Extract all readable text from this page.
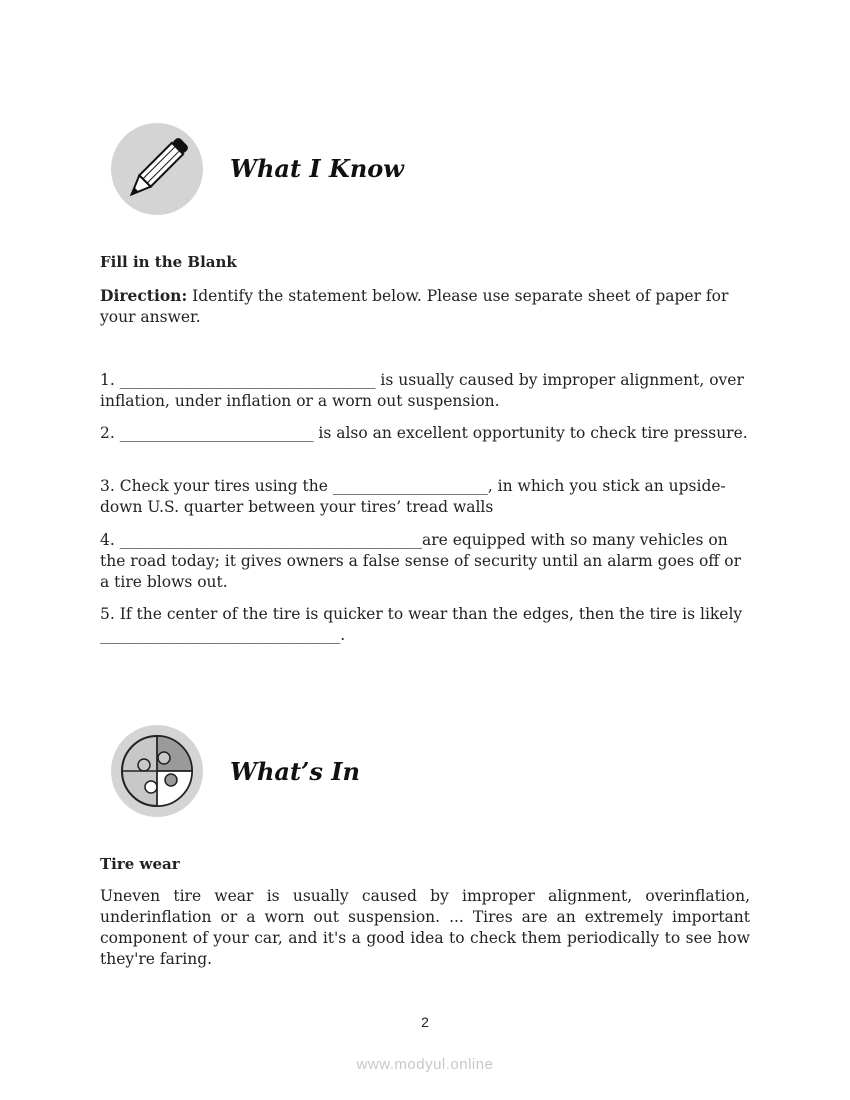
What I Know
Fill in the Blank
Direction: Identify the statement below. Please use separate sheet of paper for your answer.
1. _________________________________ is usually caused by improper alignment, over inflation, under inflation or a worn out suspension.
2. _________________________ is also an excellent opportunity to check tire pressure.
3. Check your tires using the ____________________, in which you stick an upside-down U.S. quarter between your tires’ tread walls
4. _______________________________________are equipped with so many vehicles on the road today; it gives owners a false sense of security until an alarm goes off or a tire blows out.
5. If the center of the tire is quicker to wear than the edges, then the tire is likely _______________________________.
What’s In
Tire wear
Uneven tire wear is usually caused by improper alignment, overinflation, underinflation or a worn out suspension. ... Tires are an extremely important component of your car, and it's a good idea to check them periodically to see how they're faring.
2
www.modyul.online
